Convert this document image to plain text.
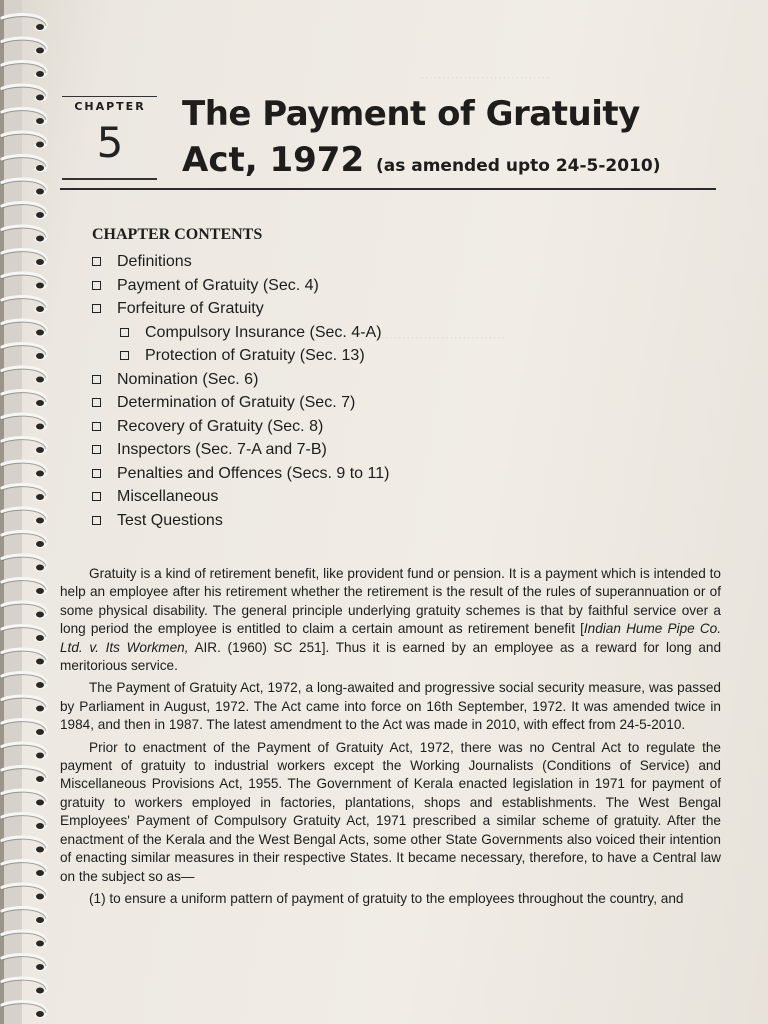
······························
·····························
CHAPTER
5
The Payment of Gratuity
Act, 1972 (as amended upto 24-5-2010)
CHAPTER CONTENTS
Definitions
Payment of Gratuity (Sec. 4)
Forfeiture of Gratuity
Compulsory Insurance (Sec. 4-A)
Protection of Gratuity (Sec. 13)
Nomination (Sec. 6)
Determination of Gratuity (Sec. 7)
Recovery of Gratuity (Sec. 8)
Inspectors (Sec. 7-A and 7-B)
Penalties and Offences (Secs. 9 to 11)
Miscellaneous
Test Questions

Gratuity is a kind of retirement benefit, like provident fund or pension. It is a payment which is intended to help an employee after his retirement whether the retirement is the result of the rules of superannuation or of some physical disability. The general principle underlying gratuity schemes is that by faithful service over a long period the employee is entitled to claim a certain amount as retirement benefit [Indian Hume Pipe Co. Ltd. v. Its Workmen, AIR. (1960) SC 251]. Thus it is earned by an employee as a reward for long and meritorious service.

The Payment of Gratuity Act, 1972, a long-awaited and progressive social security measure, was passed by Parliament in August, 1972. The Act came into force on 16th September, 1972. It was amended twice in 1984, and then in 1987. The latest amendment to the Act was made in 2010, with effect from 24-5-2010.

Prior to enactment of the Payment of Gratuity Act, 1972, there was no Central Act to regulate the payment of gratuity to industrial workers except the Working Journalists (Conditions of Service) and Miscellaneous Provisions Act, 1955. The Government of Kerala enacted legislation in 1971 for payment of gratuity to workers employed in factories, plantations, shops and establishments. The West Bengal Employees' Payment of Compulsory Gratuity Act, 1971 prescribed a similar scheme of gratuity. After the enactment of the Kerala and the West Bengal Acts, some other State Governments also voiced their intention of enacting similar measures in their respective States. It became necessary, therefore, to have a Central law on the subject so as—

(1) to ensure a uniform pattern of payment of gratuity to the employees throughout the country, and
